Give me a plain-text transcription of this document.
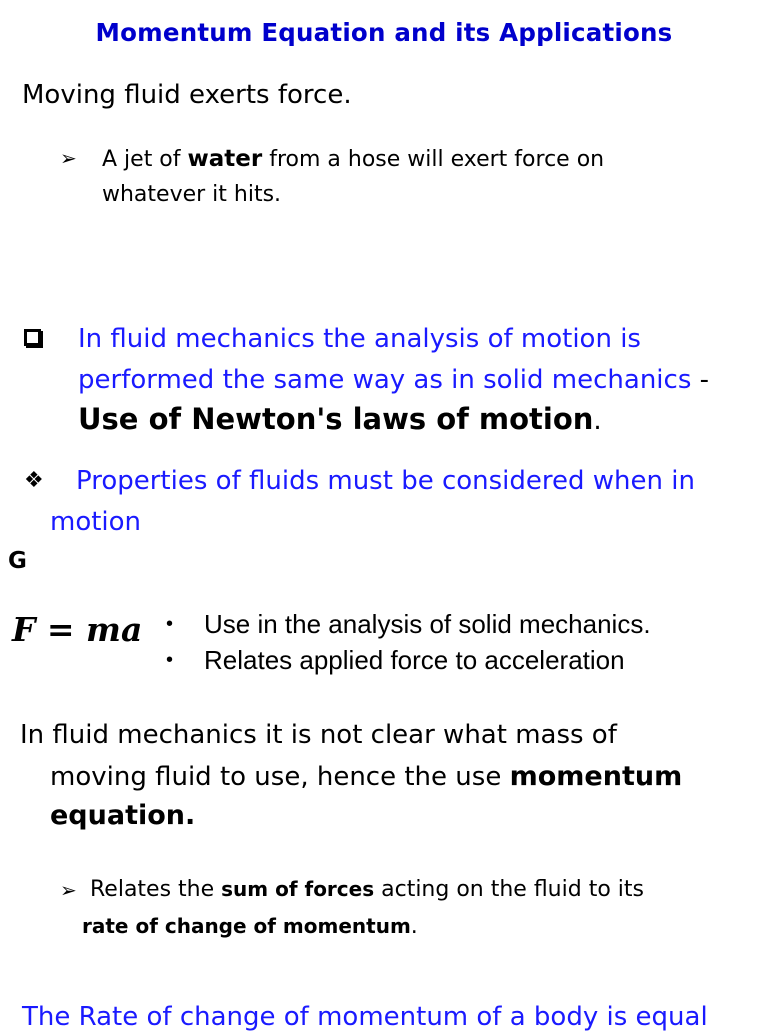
Momentum Equation and its Applications
Moving fluid exerts force.
➢ A jet of water from a hose will exert force on
whatever it hits.
In fluid mechanics the analysis of motion is
performed the same way as in solid mechanics -
Use of Newton's laws of motion.
❖ Properties of fluids must be considered when in
motion
G
F = ma • Use in the analysis of solid mechanics.
• Relates applied force to acceleration
In fluid mechanics it is not clear what mass of
moving fluid to use, hence the use momentum
equation.
➢ Relates the sum of forces acting on the fluid to its
rate of change of momentum.
The Rate of change of momentum of a body is equal
